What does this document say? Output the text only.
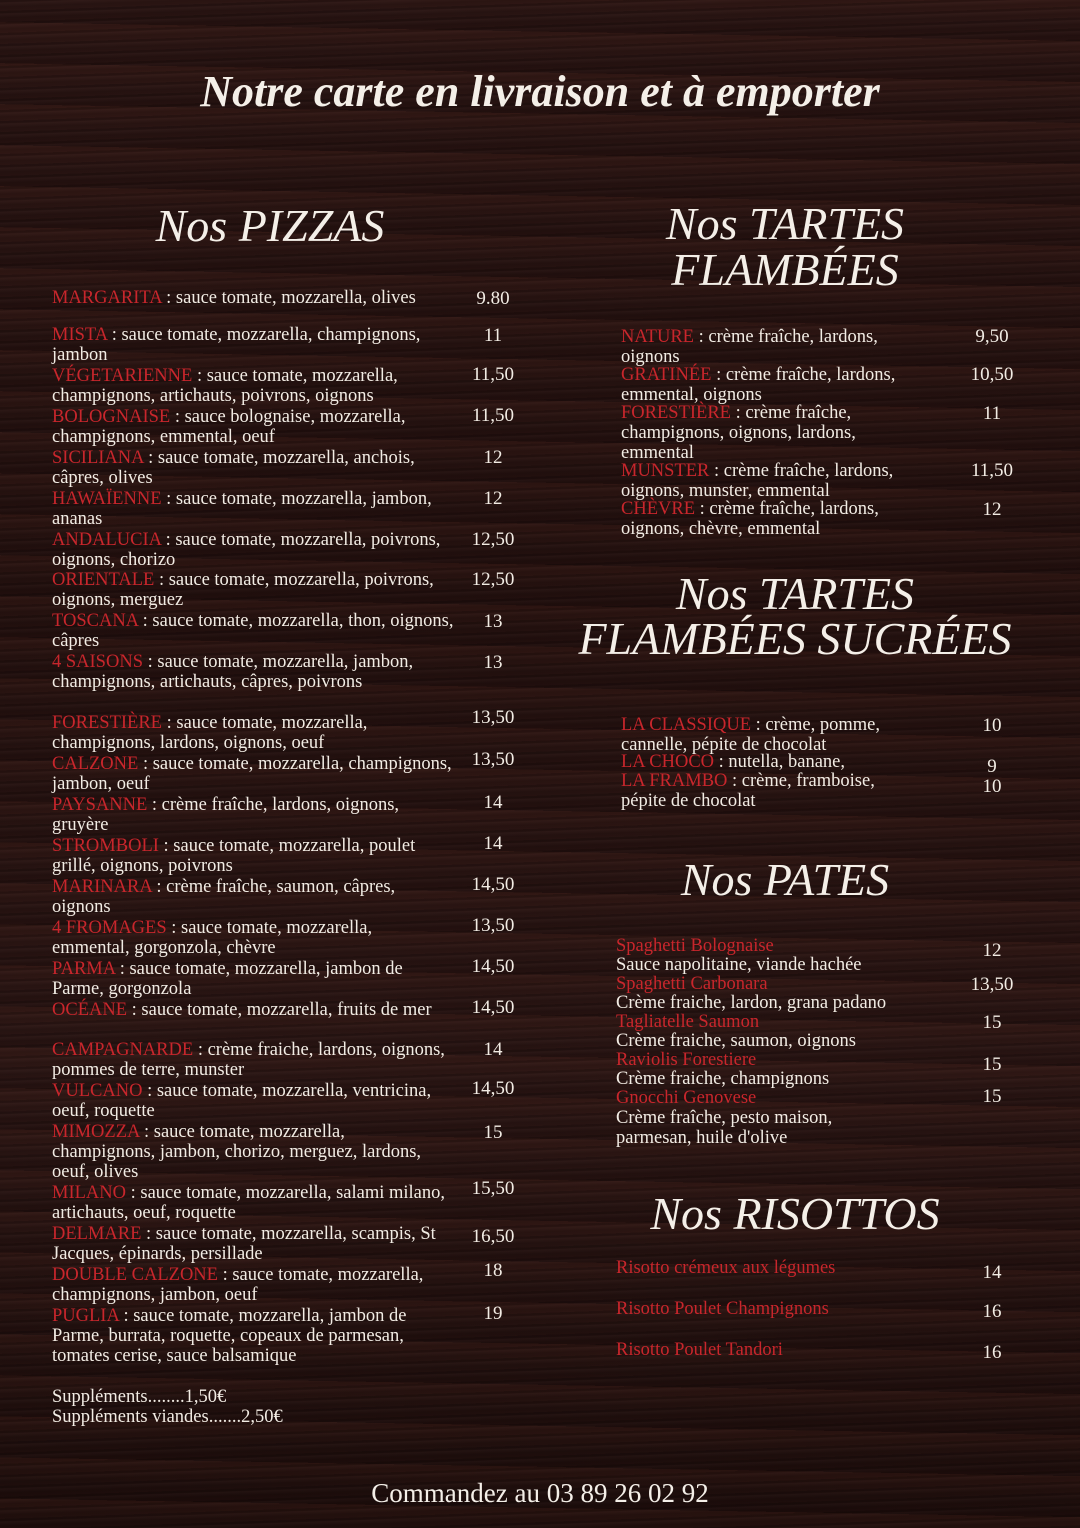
Notre carte en livraison et à emporter
Nos PIZZAS
MARGARITA : sauce tomate, mozzarella, olives	9.80
MISTA : sauce tomate, mozzarella, champignons, jambon
11
VÉGETARIENNE : sauce tomate, mozzarella, champignons, artichauts, poivrons, oignons
11,50
BOLOGNAISE : sauce bolognaise, mozzarella, champignons, emmental, oeuf
11,50
SICILIANA : sauce tomate, mozzarella, anchois, câpres, olives
12
HAWAÏENNE : sauce tomate, mozzarella, jambon, ananas
12
ANDALUCIA : sauce tomate, mozzarella, poivrons, oignons, chorizo
12,50
ORIENTALE : sauce tomate, mozzarella, poivrons, oignons, merguez
12,50
TOSCANA : sauce tomate, mozzarella, thon, oignons, câpres
13
4 SAISONS : sauce tomate, mozzarella, jambon, champignons, artichauts, câpres, poivrons
13
FORESTIÈRE : sauce tomate, mozzarella, champignons, lardons, oignons, oeuf
13,50
CALZONE : sauce tomate, mozzarella, champignons, jambon, oeuf
13,50
PAYSANNE : crème fraîche, lardons, oignons, gruyère
14
STROMBOLI : sauce tomate, mozzarella, poulet grillé, oignons, poivrons
14
MARINARA : crème fraîche, saumon, câpres, oignons
14,50
4 FROMAGES : sauce tomate, mozzarella, emmental, gorgonzola, chèvre
13,50
PARMA : sauce tomate, mozzarella, jambon de Parme, gorgonzola
14,50
OCÉANE : sauce tomate, mozzarella, fruits de mer	14,50
CAMPAGNARDE : crème fraiche, lardons, oignons, pommes de terre, munster
14
VULCANO : sauce tomate, mozzarella, ventricina, oeuf, roquette
14,50
MIMOZZA : sauce tomate, mozzarella, champignons, jambon, chorizo, merguez, lardons, oeuf, olives
15
MILANO : sauce tomate, mozzarella, salami milano, artichauts, oeuf, roquette
15,50
DELMARE : sauce tomate, mozzarella, scampis, St Jacques, épinards, persillade
16,50
DOUBLE CALZONE : sauce tomate, mozzarella, champignons, jambon, oeuf
18
PUGLIA : sauce tomate, mozzarella, jambon de Parme, burrata, roquette, copeaux de parmesan, tomates cerise, sauce balsamique
19
Suppléments........1,50€
Suppléments viandes.......2,50€
Nos TARTES
FLAMBÉES
NATURE : crème fraîche, lardons, oignons
9,50
GRATINÉE : crème fraîche, lardons, emmental, oignons
10,50
FORESTIÈRE : crème fraîche, champignons, oignons, lardons, emmental
11
MUNSTER : crème fraîche, lardons, oignons, munster, emmental
11,50
CHÈVRE : crème fraîche, lardons, oignons, chèvre, emmental
12
Nos TARTES
FLAMBÉES SUCRÉES
LA CLASSIQUE : crème, pomme, cannelle, pépite de chocolat
10
LA CHOCO : nutella, banane,	9
LA FRAMBO : crème, framboise, pépite de chocolat
10
Nos PATES
Spaghetti Bolognaise
Sauce napolitaine, viande hachée
12
Spaghetti Carbonara
Crème fraiche, lardon, grana padano
13,50
Tagliatelle Saumon
Crème fraiche, saumon, oignons
15
Raviolis Forestiere
Crème fraiche, champignons
15
Gnocchi Genovese
Crème fraîche, pesto maison, parmesan, huile d'olive
15
Nos RISOTTOS
Risotto crémeux aux légumes	14
Risotto Poulet Champignons	16
Risotto Poulet Tandori	16
Commandez au 03 89 26 02 92
